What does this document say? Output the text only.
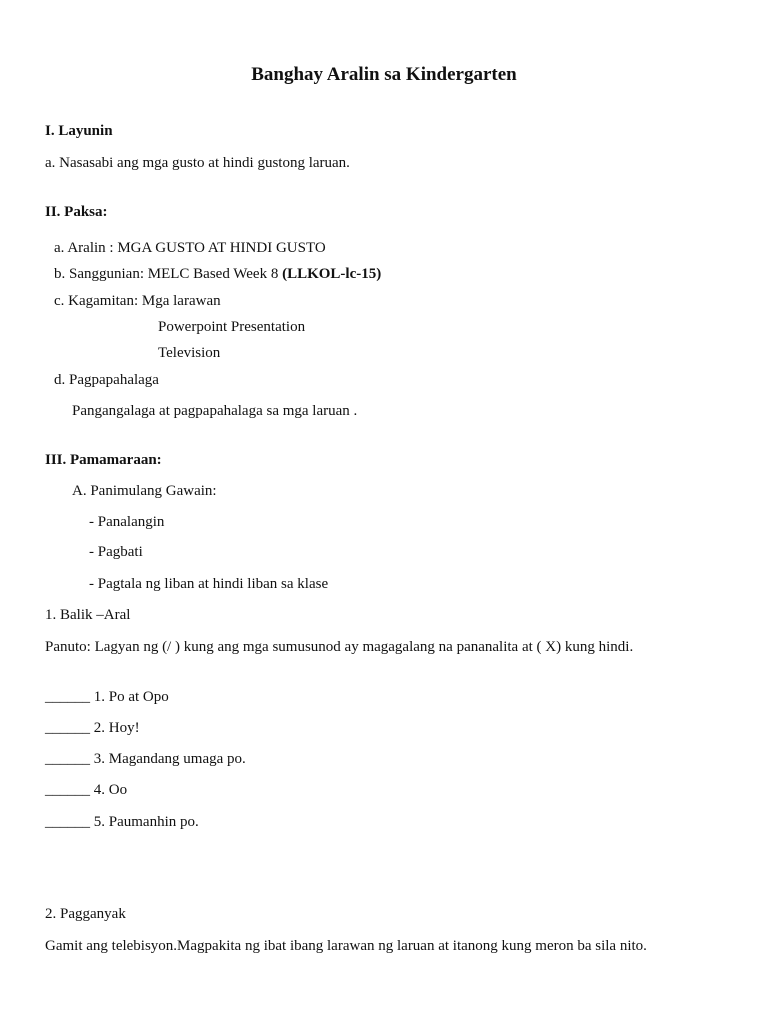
Banghay Aralin sa Kindergarten
I. Layunin
a. Nasasabi ang mga gusto at hindi gustong laruan.
II. Paksa:
a. Aralin : MGA GUSTO AT HINDI GUSTO
b. Sanggunian: MELC Based Week 8 (LLKOL-lc-15)
c. Kagamitan: Mga larawan
Powerpoint Presentation
Television
d. Pagpapahalaga
Pangangalaga at pagpapahalaga sa mga laruan .
III. Pamamaraan:
A. Panimulang Gawain:
- Panalangin
- Pagbati
- Pagtala ng liban at hindi liban sa klase
1. Balik –Aral
Panuto: Lagyan ng (/ ) kung ang mga sumusunod ay magagalang na pananalita at ( X) kung hindi.
______ 1. Po at Opo
______ 2. Hoy!
______ 3. Magandang umaga po.
______ 4. Oo
______ 5. Paumanhin po.
2. Pagganyak
Gamit ang telebisyon.Magpakita ng ibat ibang larawan ng laruan at itanong kung meron ba sila nito.
